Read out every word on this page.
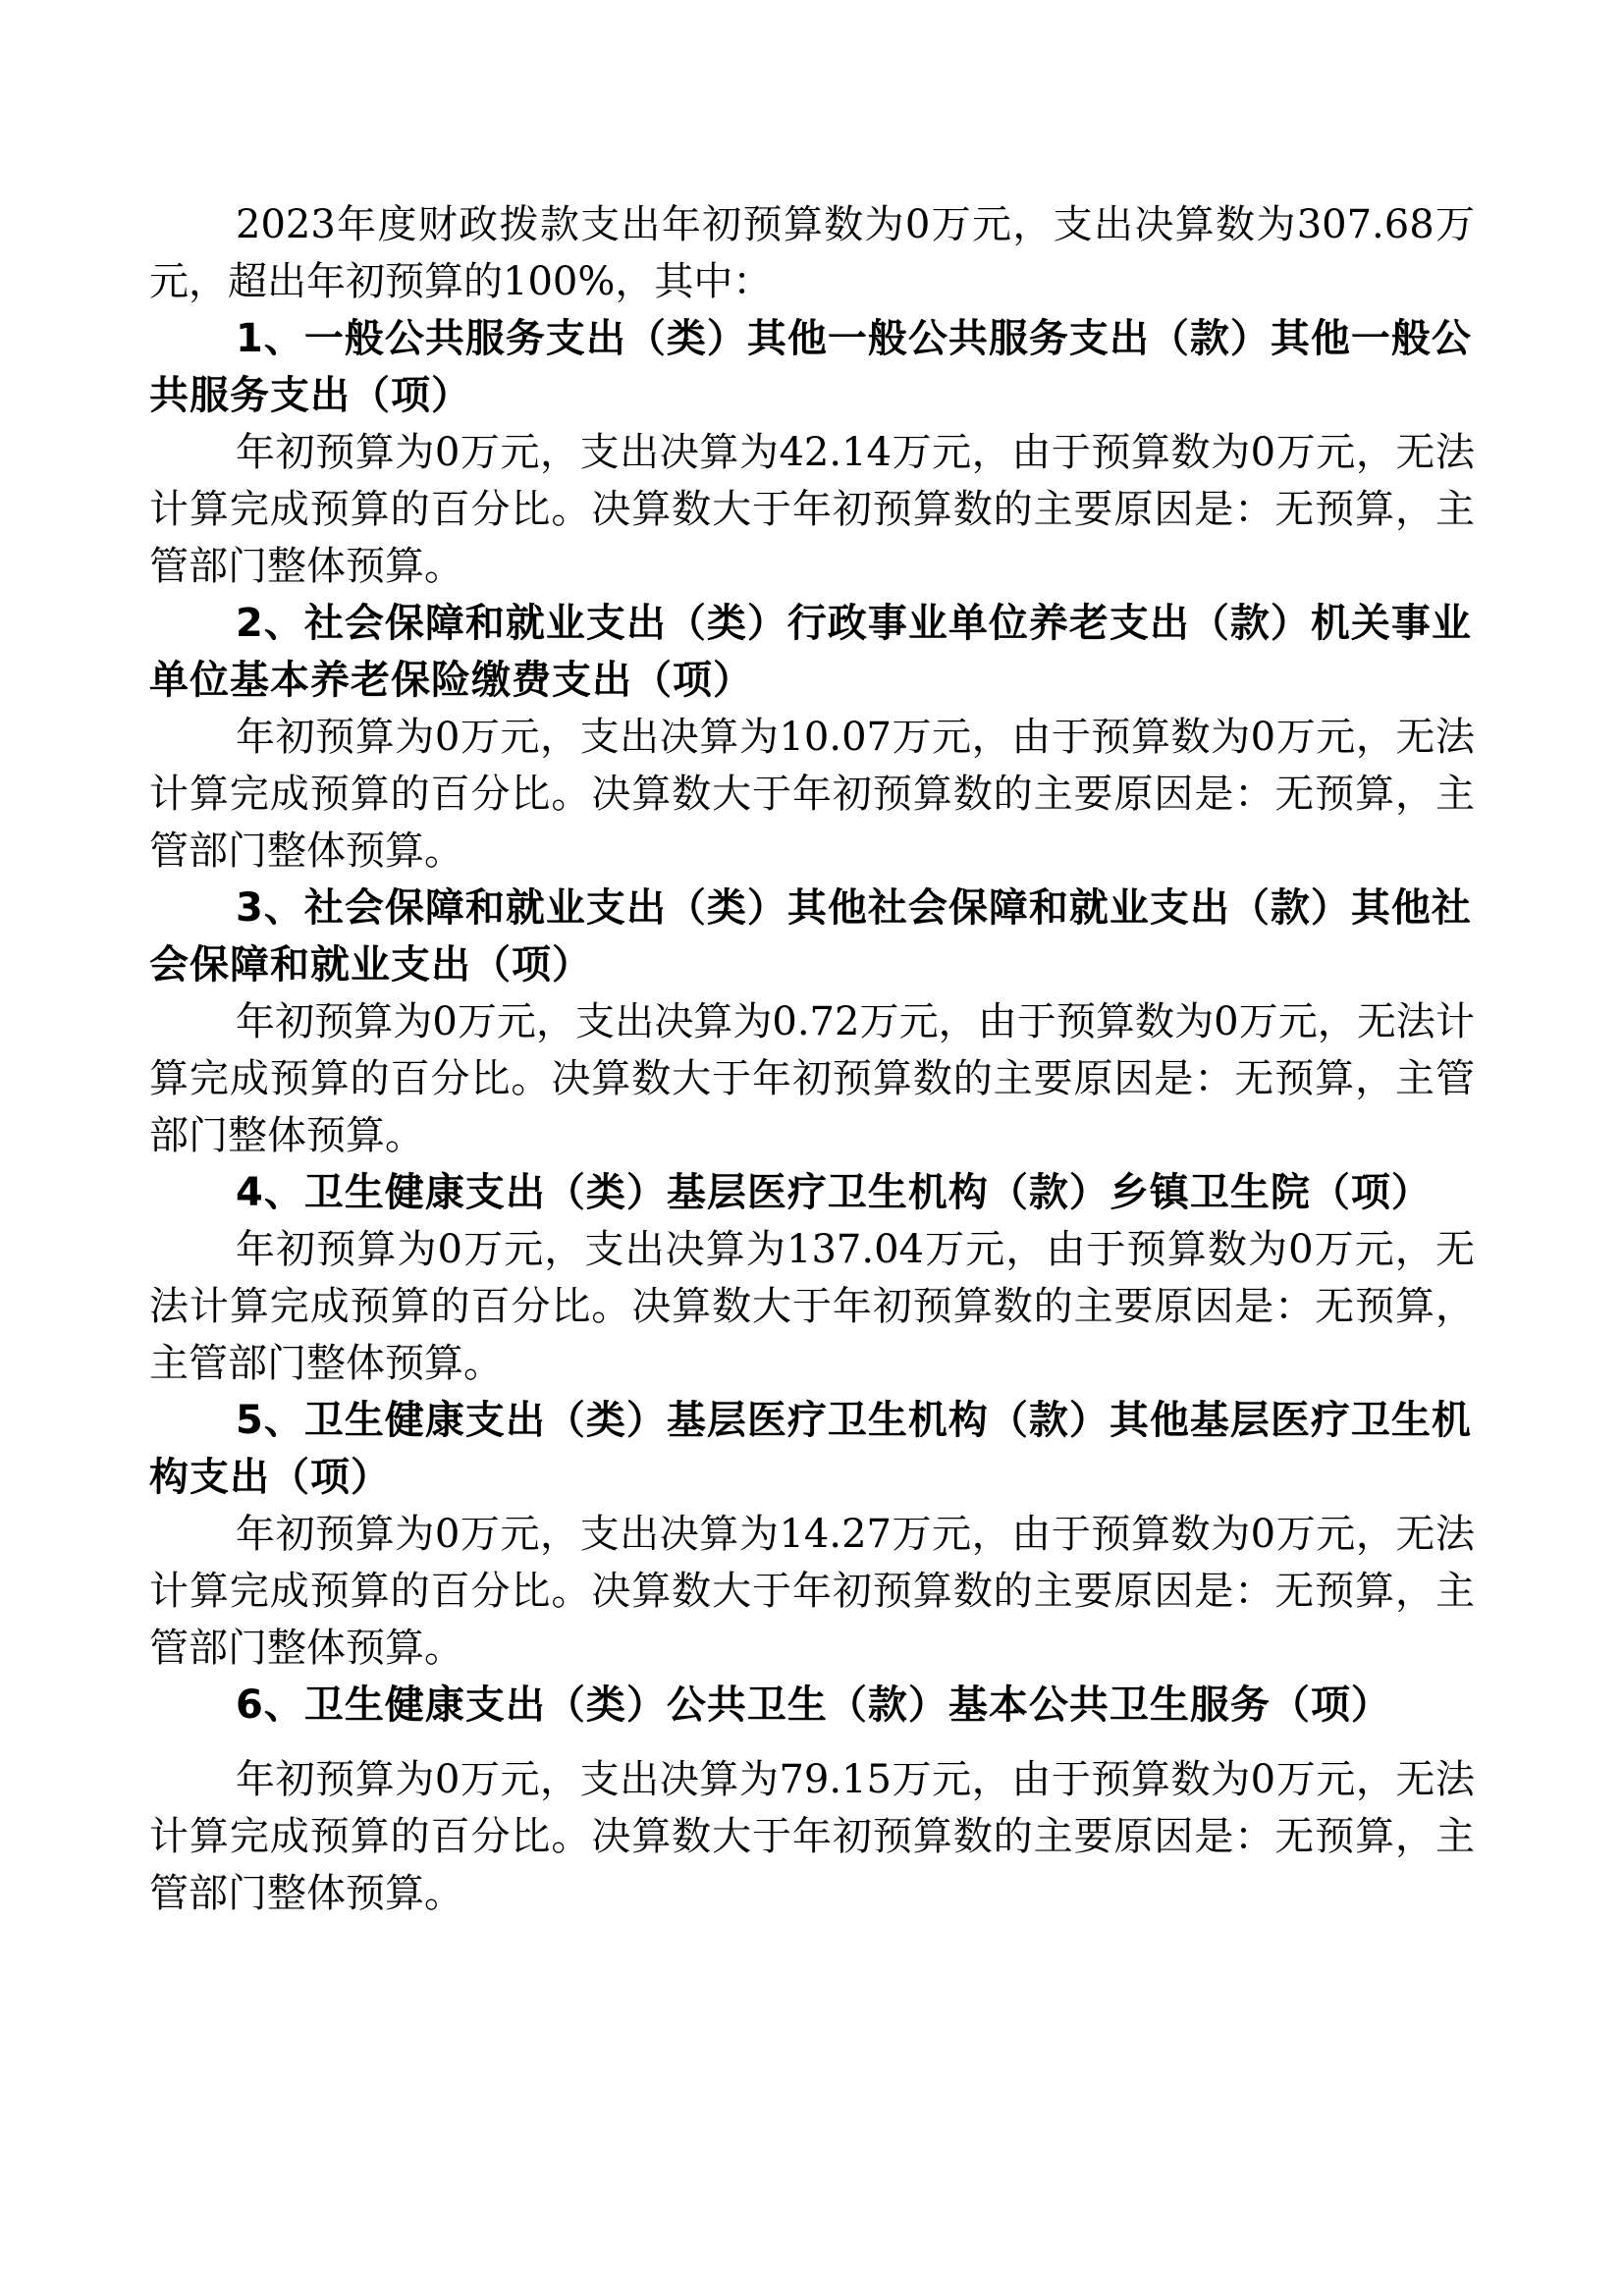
2023年度财政拨款支出年初预算数为0万元，支出决算数为307.68万元，超出年初预算的100%，其中：

1、一般公共服务支出（类）其他一般公共服务支出（款）其他一般公共服务支出（项）

年初预算为0万元，支出决算为42.14万元，由于预算数为0万元，无法计算完成预算的百分比。决算数大于年初预算数的主要原因是：无预算，主管部门整体预算。

2、社会保障和就业支出（类）行政事业单位养老支出（款）机关事业单位基本养老保险缴费支出（项）

年初预算为0万元，支出决算为10.07万元，由于预算数为0万元，无法计算完成预算的百分比。决算数大于年初预算数的主要原因是：无预算，主管部门整体预算。

3、社会保障和就业支出（类）其他社会保障和就业支出（款）其他社会保障和就业支出（项）

年初预算为0万元，支出决算为0.72万元，由于预算数为0万元，无法计算完成预算的百分比。决算数大于年初预算数的主要原因是：无预算，主管部门整体预算。

4、卫生健康支出（类）基层医疗卫生机构（款）乡镇卫生院（项）

年初预算为0万元，支出决算为137.04万元，由于预算数为0万元，无法计算完成预算的百分比。决算数大于年初预算数的主要原因是：无预算，主管部门整体预算。

5、卫生健康支出（类）基层医疗卫生机构（款）其他基层医疗卫生机构支出（项）

年初预算为0万元，支出决算为14.27万元，由于预算数为0万元，无法计算完成预算的百分比。决算数大于年初预算数的主要原因是：无预算，主管部门整体预算。

6、卫生健康支出（类）公共卫生（款）基本公共卫生服务（项）

年初预算为0万元，支出决算为79.15万元，由于预算数为0万元，无法计算完成预算的百分比。决算数大于年初预算数的主要原因是：无预算，主管部门整体预算。
